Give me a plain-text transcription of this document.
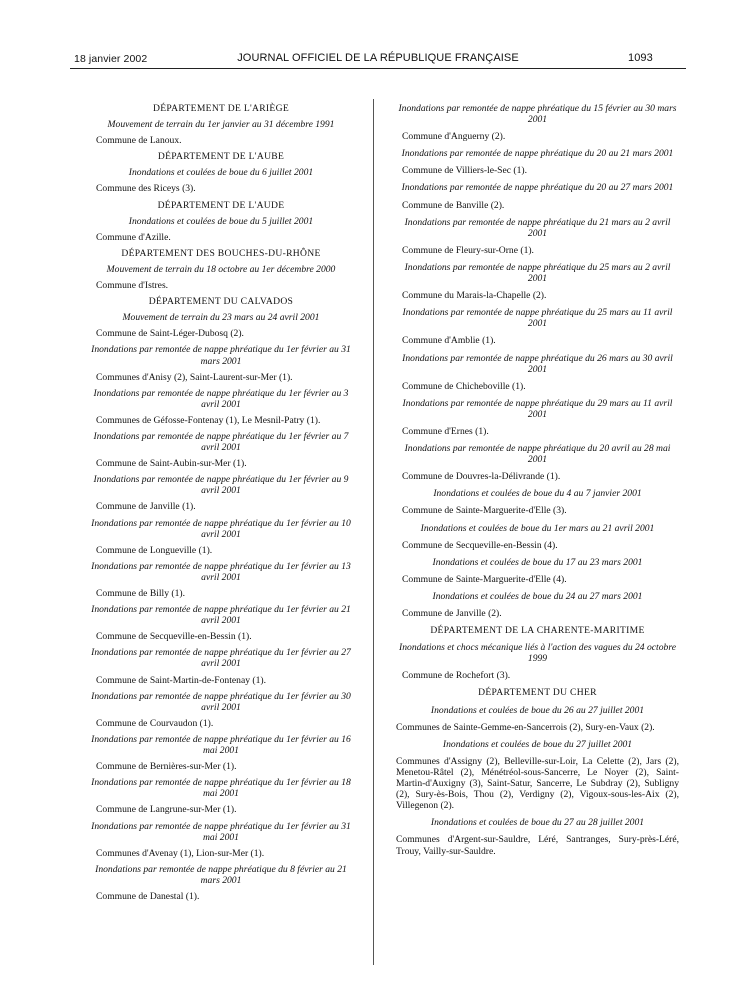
18 janvier 2002	JOURNAL OFFICIEL DE LA RÉPUBLIQUE FRANÇAISE	1093
DÉPARTEMENT DE L'ARIÈGE
Mouvement de terrain du 1er janvier au 31 décembre 1991
Commune de Lanoux.
DÉPARTEMENT DE L'AUBE
Inondations et coulées de boue du 6 juillet 2001
Commune des Riceys (3).
DÉPARTEMENT DE L'AUDE
Inondations et coulées de boue du 5 juillet 2001
Commune d'Azille.
DÉPARTEMENT DES BOUCHES-DU-RHÔNE
Mouvement de terrain du 18 octobre au 1er décembre 2000
Commune d'Istres.
DÉPARTEMENT DU CALVADOS
Mouvement de terrain du 23 mars au 24 avril 2001
Commune de Saint-Léger-Dubosq (2).
Inondations par remontée de nappe phréatique du 1er février au 31 mars 2001
Communes d'Anisy (2), Saint-Laurent-sur-Mer (1).
Inondations par remontée de nappe phréatique du 1er février au 3 avril 2001
Communes de Géfosse-Fontenay (1), Le Mesnil-Patry (1).
Inondations par remontée de nappe phréatique du 1er février au 7 avril 2001
Commune de Saint-Aubin-sur-Mer (1).
Inondations par remontée de nappe phréatique du 1er février au 9 avril 2001
Commune de Janville (1).
Inondations par remontée de nappe phréatique du 1er février au 10 avril 2001
Commune de Longueville (1).
Inondations par remontée de nappe phréatique du 1er février au 13 avril 2001
Commune de Billy (1).
Inondations par remontée de nappe phréatique du 1er février au 21 avril 2001
Commune de Secqueville-en-Bessin (1).
Inondations par remontée de nappe phréatique du 1er février au 27 avril 2001
Commune de Saint-Martin-de-Fontenay (1).
Inondations par remontée de nappe phréatique du 1er février au 30 avril 2001
Commune de Courvaudon (1).
Inondations par remontée de nappe phréatique du 1er février au 16 mai 2001
Commune de Bernières-sur-Mer (1).
Inondations par remontée de nappe phréatique du 1er février au 18 mai 2001
Commune de Langrune-sur-Mer (1).
Inondations par remontée de nappe phréatique du 1er février au 31 mai 2001
Communes d'Avenay (1), Lion-sur-Mer (1).
Inondations par remontée de nappe phréatique du 8 février au 21 mars 2001
Commune de Danestal (1).
Inondations par remontée de nappe phréatique du 15 février au 30 mars 2001
Commune d'Anguerny (2).
Inondations par remontée de nappe phréatique du 20 au 21 mars 2001
Commune de Villiers-le-Sec (1).
Inondations par remontée de nappe phréatique du 20 au 27 mars 2001
Commune de Banville (2).
Inondations par remontée de nappe phréatique du 21 mars au 2 avril 2001
Commune de Fleury-sur-Orne (1).
Inondations par remontée de nappe phréatique du 25 mars au 2 avril 2001
Commune du Marais-la-Chapelle (2).
Inondations par remontée de nappe phréatique du 25 mars au 11 avril 2001
Commune d'Amblie (1).
Inondations par remontée de nappe phréatique du 26 mars au 30 avril 2001
Commune de Chicheboville (1).
Inondations par remontée de nappe phréatique du 29 mars au 11 avril 2001
Commune d'Ernes (1).
Inondations par remontée de nappe phréatique du 20 avril au 28 mai 2001
Commune de Douvres-la-Délivrande (1).
Inondations et coulées de boue du 4 au 7 janvier 2001
Commune de Sainte-Marguerite-d'Elle (3).
Inondations et coulées de boue du 1er mars au 21 avril 2001
Commune de Secqueville-en-Bessin (4).
Inondations et coulées de boue du 17 au 23 mars 2001
Commune de Sainte-Marguerite-d'Elle (4).
Inondations et coulées de boue du 24 au 27 mars 2001
Commune de Janville (2).
DÉPARTEMENT DE LA CHARENTE-MARITIME
Inondations et chocs mécanique liés à l'action des vagues du 24 octobre 1999
Commune de Rochefort (3).
DÉPARTEMENT DU CHER
Inondations et coulées de boue du 26 au 27 juillet 2001
Communes de Sainte-Gemme-en-Sancerrois (2), Sury-en-Vaux (2).
Inondations et coulées de boue du 27 juillet 2001
Communes d'Assigny (2), Belleville-sur-Loir, La Celette (2), Jars (2), Menetou-Râtel (2), Ménétréol-sous-Sancerre, Le Noyer (2), Saint-Martin-d'Auxigny (3), Saint-Satur, Sancerre, Le Subdray (2), Subligny (2), Sury-ès-Bois, Thou (2), Verdigny (2), Vigoux-sous-les-Aix (2), Villegenon (2).
Inondations et coulées de boue du 27 au 28 juillet 2001
Communes d'Argent-sur-Sauldre, Léré, Santranges, Sury-près-Léré, Trouy, Vailly-sur-Sauldre.
